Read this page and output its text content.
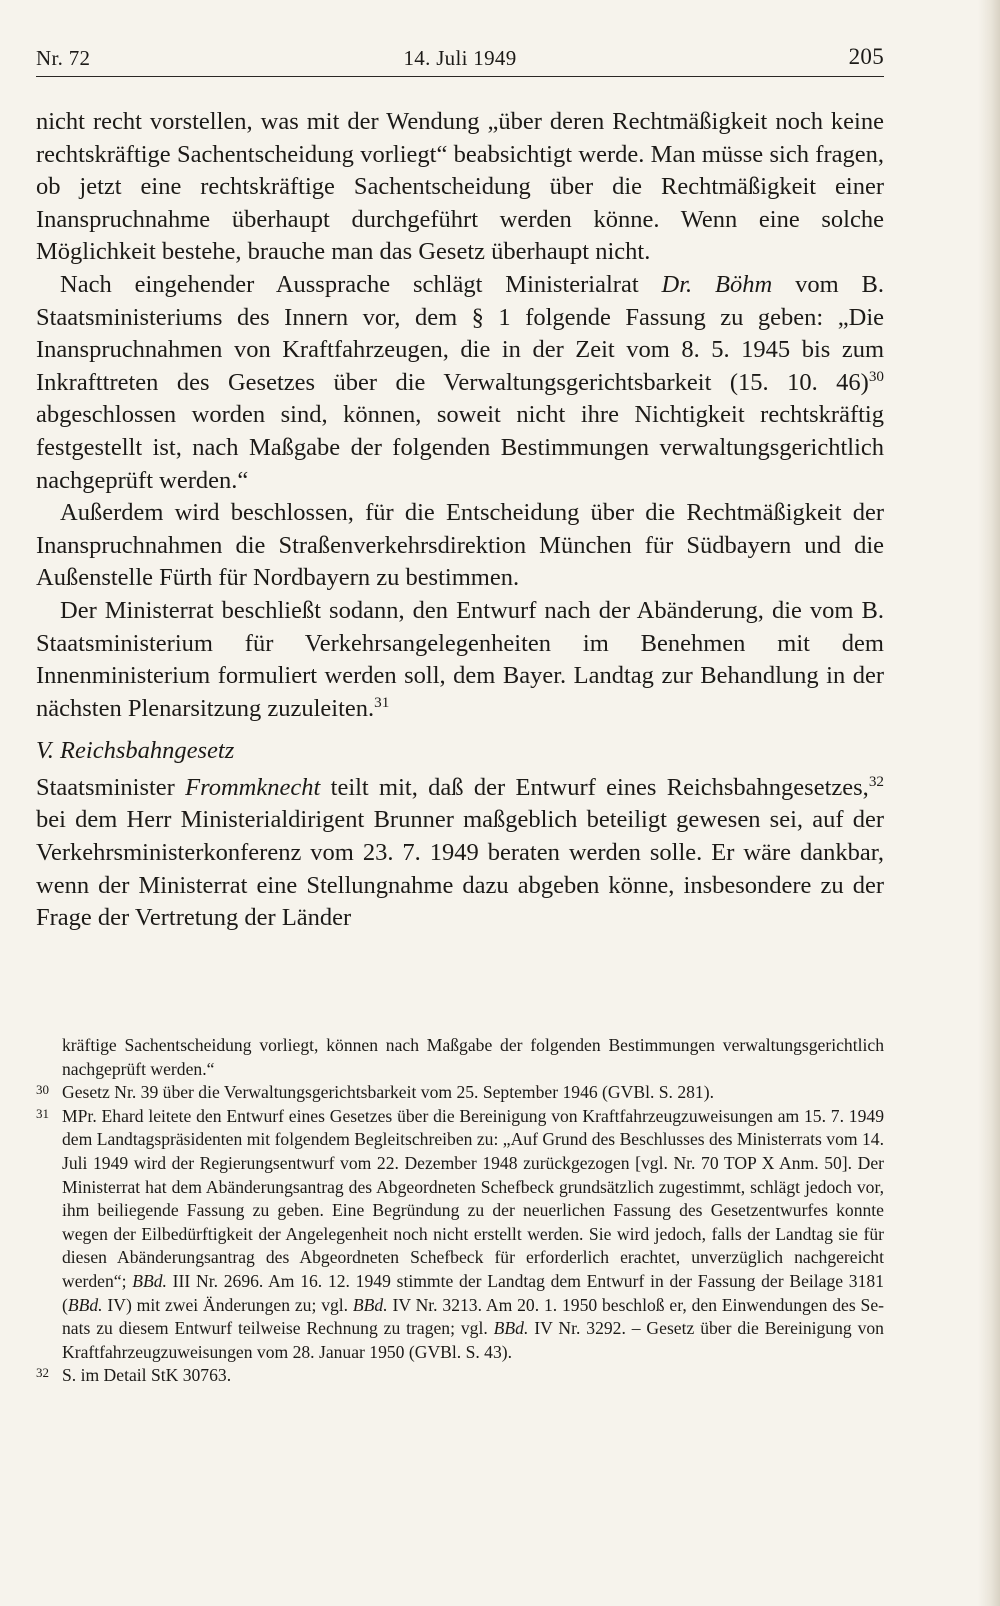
Nr. 72	14. Juli 1949	205

nicht recht vorstellen, was mit der Wendung „über deren Rechtmäßigkeit noch keine rechtskräftige Sachentscheidung vorliegt“ beabsichtigt werde. Man müsse sich fragen, ob jetzt eine rechtskräftige Sachentscheidung über die Rechtmäßigkeit einer Inanspruchnahme überhaupt durchgeführt werden könne. Wenn eine solche Möglichkeit bestehe, brauche man das Gesetz überhaupt nicht.

Nach eingehender Aussprache schlägt Ministerialrat Dr. Böhm vom B. Staatsministeriums des Innern vor, dem § 1 folgende Fassung zu geben: „Die Inanspruchnahmen von Kraftfahrzeugen, die in der Zeit vom 8. 5. 1945 bis zum Inkrafttreten des Gesetzes über die Verwaltungsgerichtsbarkeit (15. 10. 46)$^{30}$ abgeschlossen worden sind, können, soweit nicht ihre Nichtigkeit rechtskräftig festgestellt ist, nach Maßgabe der folgenden Bestimmungen verwaltungsgerichtlich nachgeprüft werden.“

Außerdem wird beschlossen, für die Entscheidung über die Rechtmäßigkeit der Inanspruchnahmen die Straßenverkehrsdirektion München für Südbayern und die Außenstelle Fürth für Nordbayern zu bestimmen.

Der Ministerrat beschließt sodann, den Entwurf nach der Abänderung, die vom B. Staatsministerium für Verkehrsangelegenheiten im Benehmen mit dem Innenministerium formuliert werden soll, dem Bayer. Landtag zur Behandlung in der nächsten Plenarsitzung zuzuleiten.$^{31}$

V. Reichsbahngesetz

Staatsminister Frommknecht teilt mit, daß der Entwurf eines Reichsbahngesetzes,$^{32}$ bei dem Herr Ministerialdirigent Brunner maßgeblich beteiligt gewesen sei, auf der Verkehrsministerkonferenz vom 23. 7. 1949 beraten werden solle. Er wäre dankbar, wenn der Ministerrat eine Stellungnahme dazu abgeben könne, insbesondere zu der Frage der Vertretung der Länder

kräftige Sachentscheidung vorliegt, können nach Maßgabe der folgenden Bestimmungen verwaltungsgerichtlich nachgeprüft werden.“

30 Gesetz Nr. 39 über die Verwaltungsgerichtsbarkeit vom 25. September 1946 (GVBl. S. 281).

31 MPr. Ehard leitete den Entwurf eines Gesetzes über die Bereinigung von Kraftfahrzeugzuweisungen am 15. 7. 1949 dem Landtagspräsidenten mit folgendem Begleitschreiben zu: „Auf Grund des Beschlusses des Ministerrats vom 14. Juli 1949 wird der Regierungsentwurf vom 22. Dezember 1948 zurückgezogen [vgl. Nr. 70 TOP X Anm. 50]. Der Ministerrat hat dem Abänderungsantrag des Abgeordneten Schefbeck grundsätzlich zugestimmt, schlägt jedoch vor, ihm beiliegende Fassung zu geben. Eine Begründung zu der neuerlichen Fassung des Gesetzentwurfes konnte wegen der Eilbedürftigkeit der Angelegenheit noch nicht erstellt werden. Sie wird jedoch, falls der Landtag sie für diesen Abänderungsantrag des Abgeordneten Schefbeck für erforderlich erachtet, unverzüglich nachgereicht werden“; BBd. III Nr. 2696. Am 16. 12. 1949 stimmte der Landtag dem Entwurf in der Fassung der Beilage 3181 (BBd. IV) mit zwei Änderungen zu; vgl. BBd. IV Nr. 3213. Am 20. 1. 1950 beschloß er, den Einwendungen des Senats zu diesem Entwurf teilweise Rechnung zu tragen; vgl. BBd. IV Nr. 3292. – Gesetz über die Bereinigung von Kraftfahrzeugzuweisungen vom 28. Januar 1950 (GVBl. S. 43).

32 S. im Detail StK 30763.
